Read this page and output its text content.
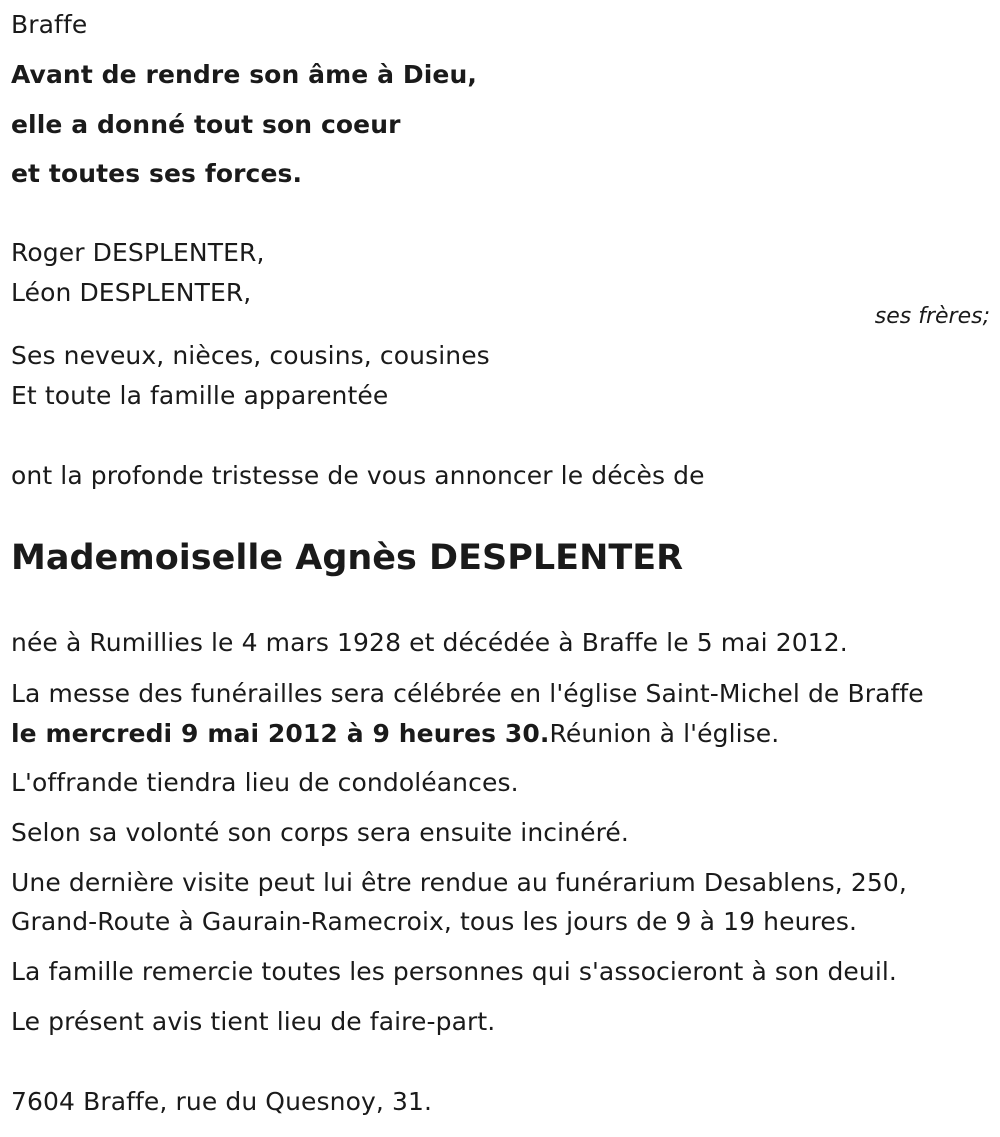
Braffe
Avant de rendre son âme à Dieu,
elle a donné tout son coeur
et toutes ses forces.
Roger DESPLENTER,
Léon DESPLENTER,
ses frères;
Ses neveux, nièces, cousins, cousines
Et toute la famille apparentée
ont la profonde tristesse de vous annoncer le décès de
Mademoiselle Agnès DESPLENTER
née à Rumillies le 4 mars 1928 et décédée à Braffe le 5 mai 2012.
La messe des funérailles sera célébrée en l'église Saint-Michel de Braffe
le mercredi 9 mai 2012 à 9 heures 30.Réunion à l'église.
L'offrande tiendra lieu de condoléances.
Selon sa volonté son corps sera ensuite incinéré.
Une dernière visite peut lui être rendue au funérarium Desablens, 250,
Grand-Route à Gaurain-Ramecroix, tous les jours de 9 à 19 heures.
La famille remercie toutes les personnes qui s'associeront à son deuil.
Le présent avis tient lieu de faire-part.
7604 Braffe, rue du Quesnoy, 31.
